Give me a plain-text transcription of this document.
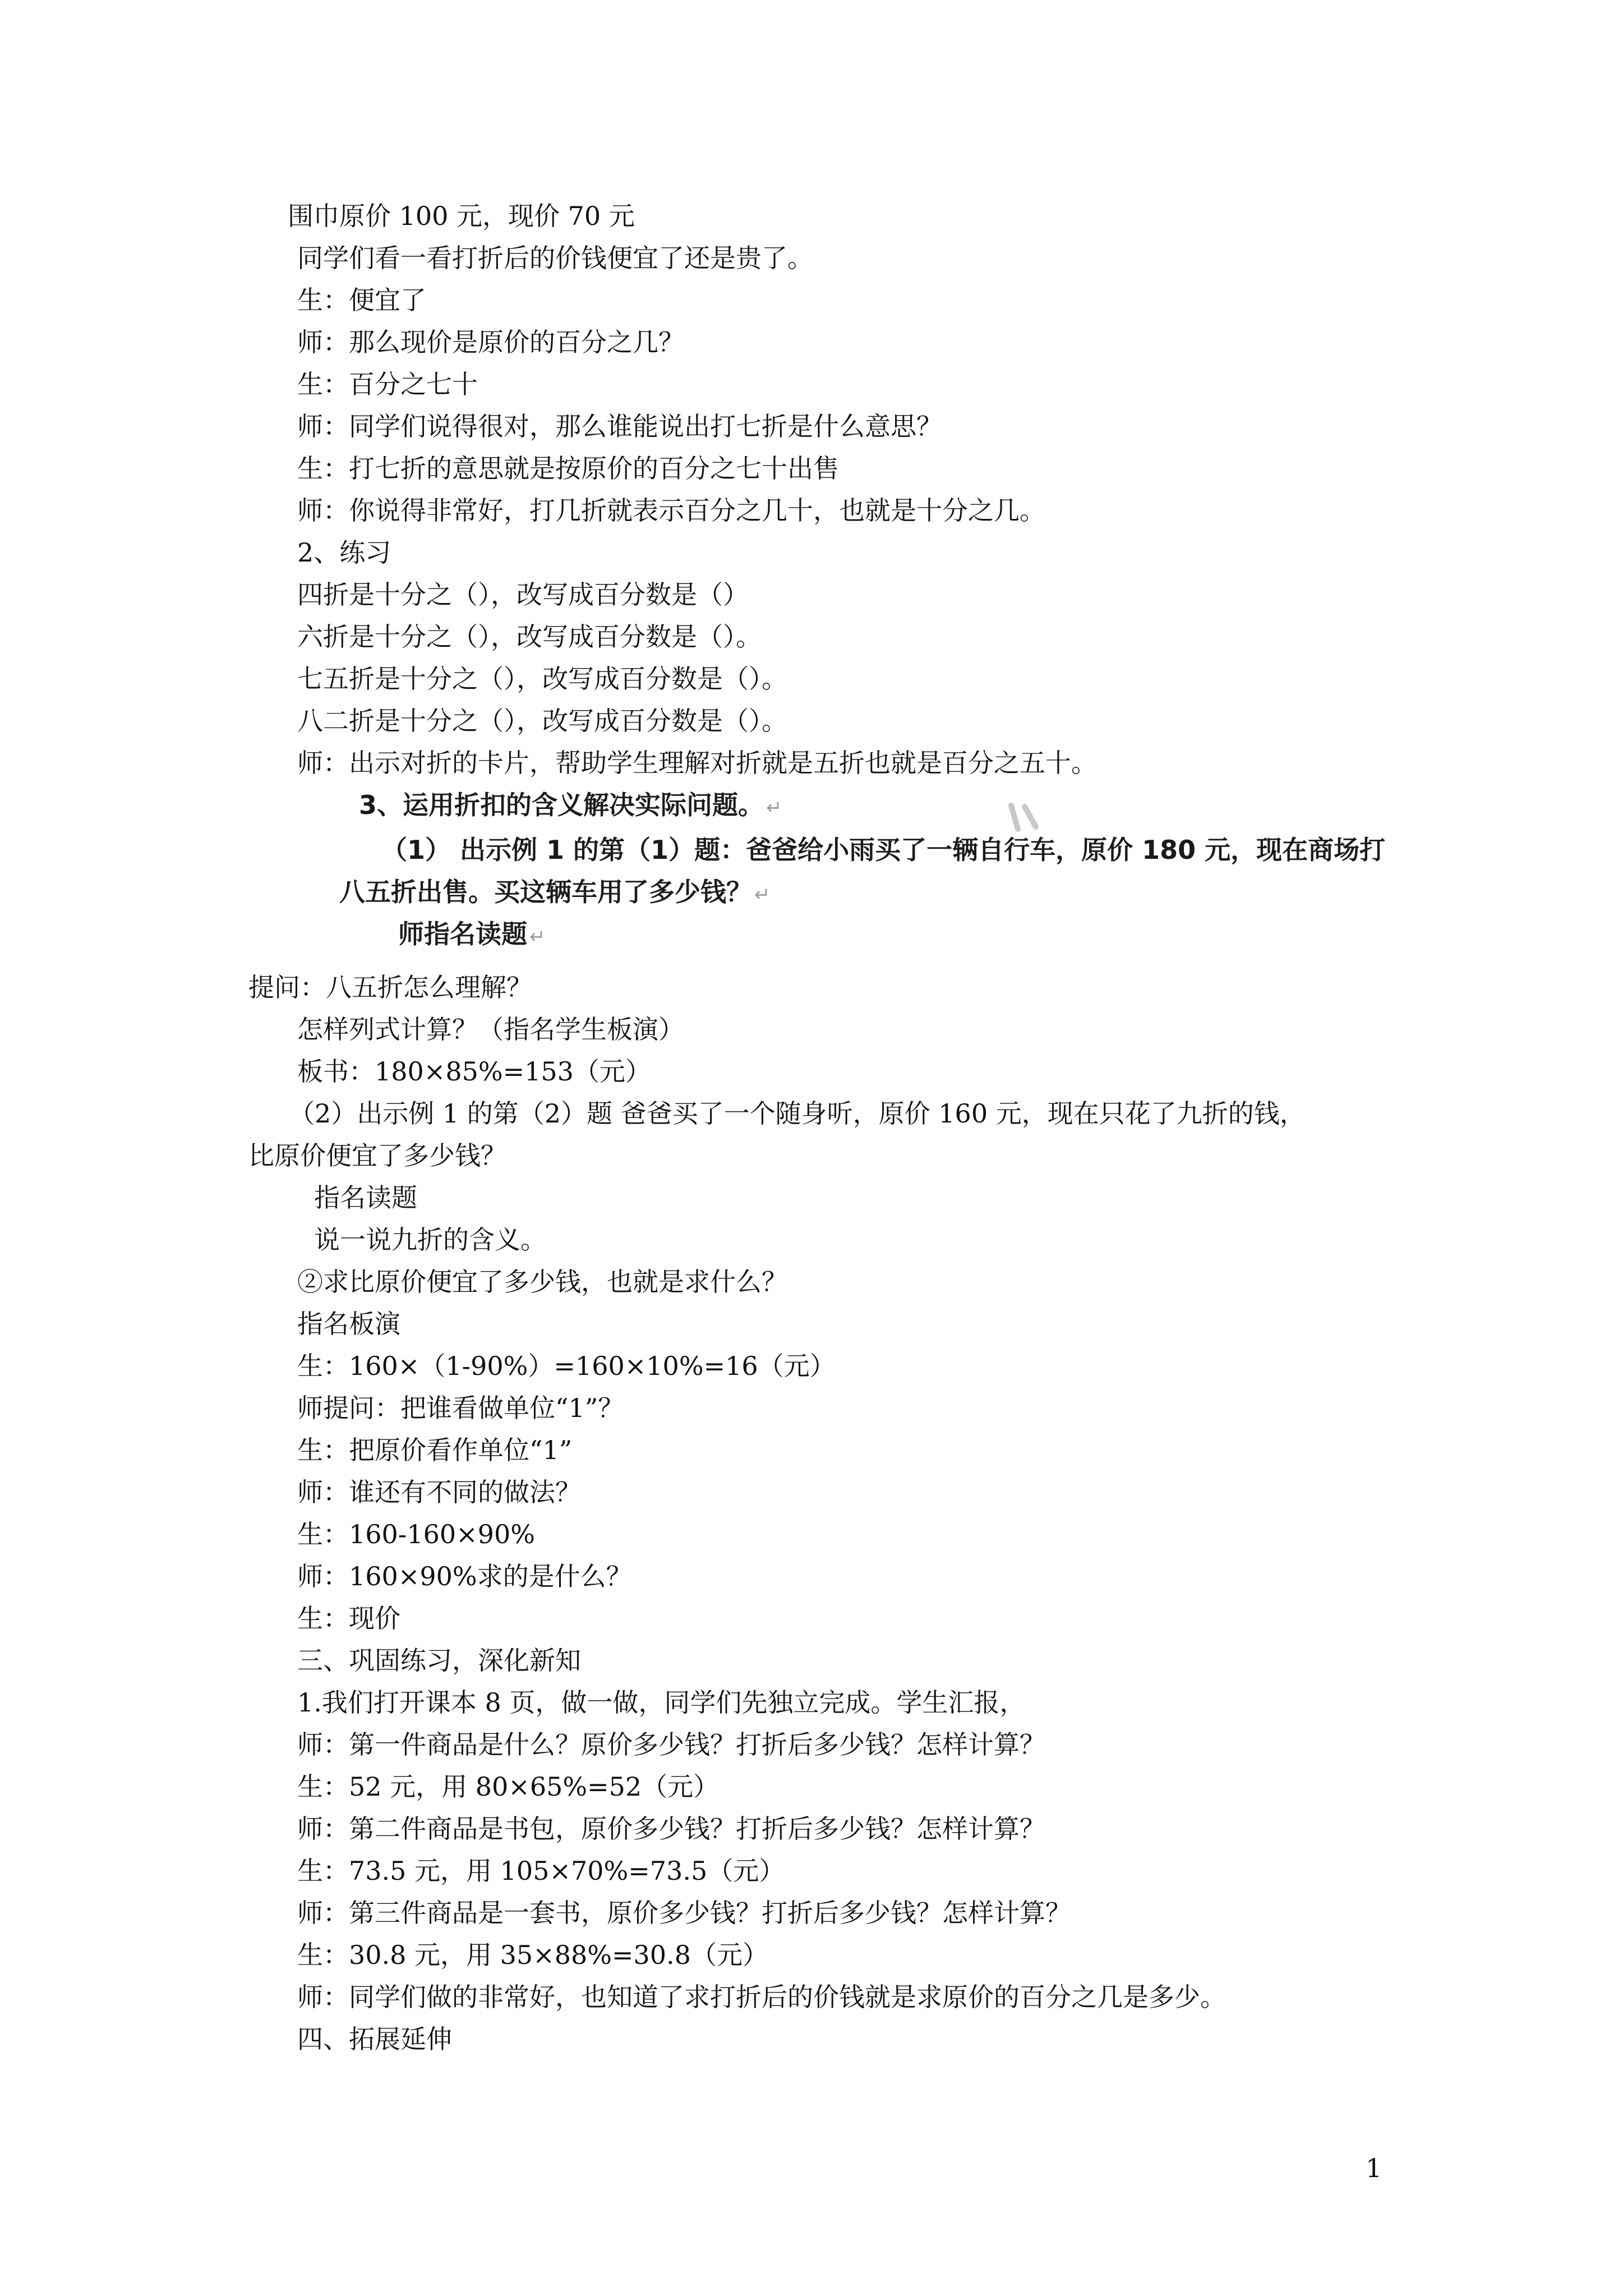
围巾原价 100 元，现价 70 元
同学们看一看打折后的价钱便宜了还是贵了。
生：便宜了
师：那么现价是原价的百分之几？
生：百分之七十
师：同学们说得很对，那么谁能说出打七折是什么意思？
生：打七折的意思就是按原价的百分之七十出售
师：你说得非常好，打几折就表示百分之几十，也就是十分之几。
2、练习
四折是十分之（），改写成百分数是（）
六折是十分之（），改写成百分数是（）。
七五折是十分之（），改写成百分数是（）。
八二折是十分之（），改写成百分数是（）。
师：出示对折的卡片，帮助学生理解对折就是五折也就是百分之五十。
3、运用折扣的含义解决实际问题。 ↵
（1） 出示例 1 的第（1）题：爸爸给小雨买了一辆自行车，原价 180 元，现在商场打
八五折出售。买这辆车用了多少钱？ ↵
师指名读题 ↵
提问：八五折怎么理解？
怎样列式计算？（指名学生板演）
板书：180×85%=153（元）
（2）出示例 1 的第（2）题 爸爸买了一个随身听，原价 160 元，现在只花了九折的钱，
比原价便宜了多少钱？
指名读题
说一说九折的含义。
②求比原价便宜了多少钱，也就是求什么？
指名板演
生：160×（1-90%）=160×10%=16（元）
师提问：把谁看做单位“1”？
生：把原价看作单位“1”
师：谁还有不同的做法？
生：160-160×90%
师：160×90%求的是什么？
生：现价
三、巩固练习，深化新知
1.我们打开课本 8 页，做一做，同学们先独立完成。学生汇报，
师：第一件商品是什么？原价多少钱？打折后多少钱？怎样计算？
生：52 元，用 80×65%=52（元）
师：第二件商品是书包，原价多少钱？打折后多少钱？怎样计算？
生：73.5 元，用 105×70%=73.5（元）
师：第三件商品是一套书，原价多少钱？打折后多少钱？怎样计算？
生：30.8 元，用 35×88%=30.8（元）
师：同学们做的非常好，也知道了求打折后的价钱就是求原价的百分之几是多少。
四、拓展延伸
1
